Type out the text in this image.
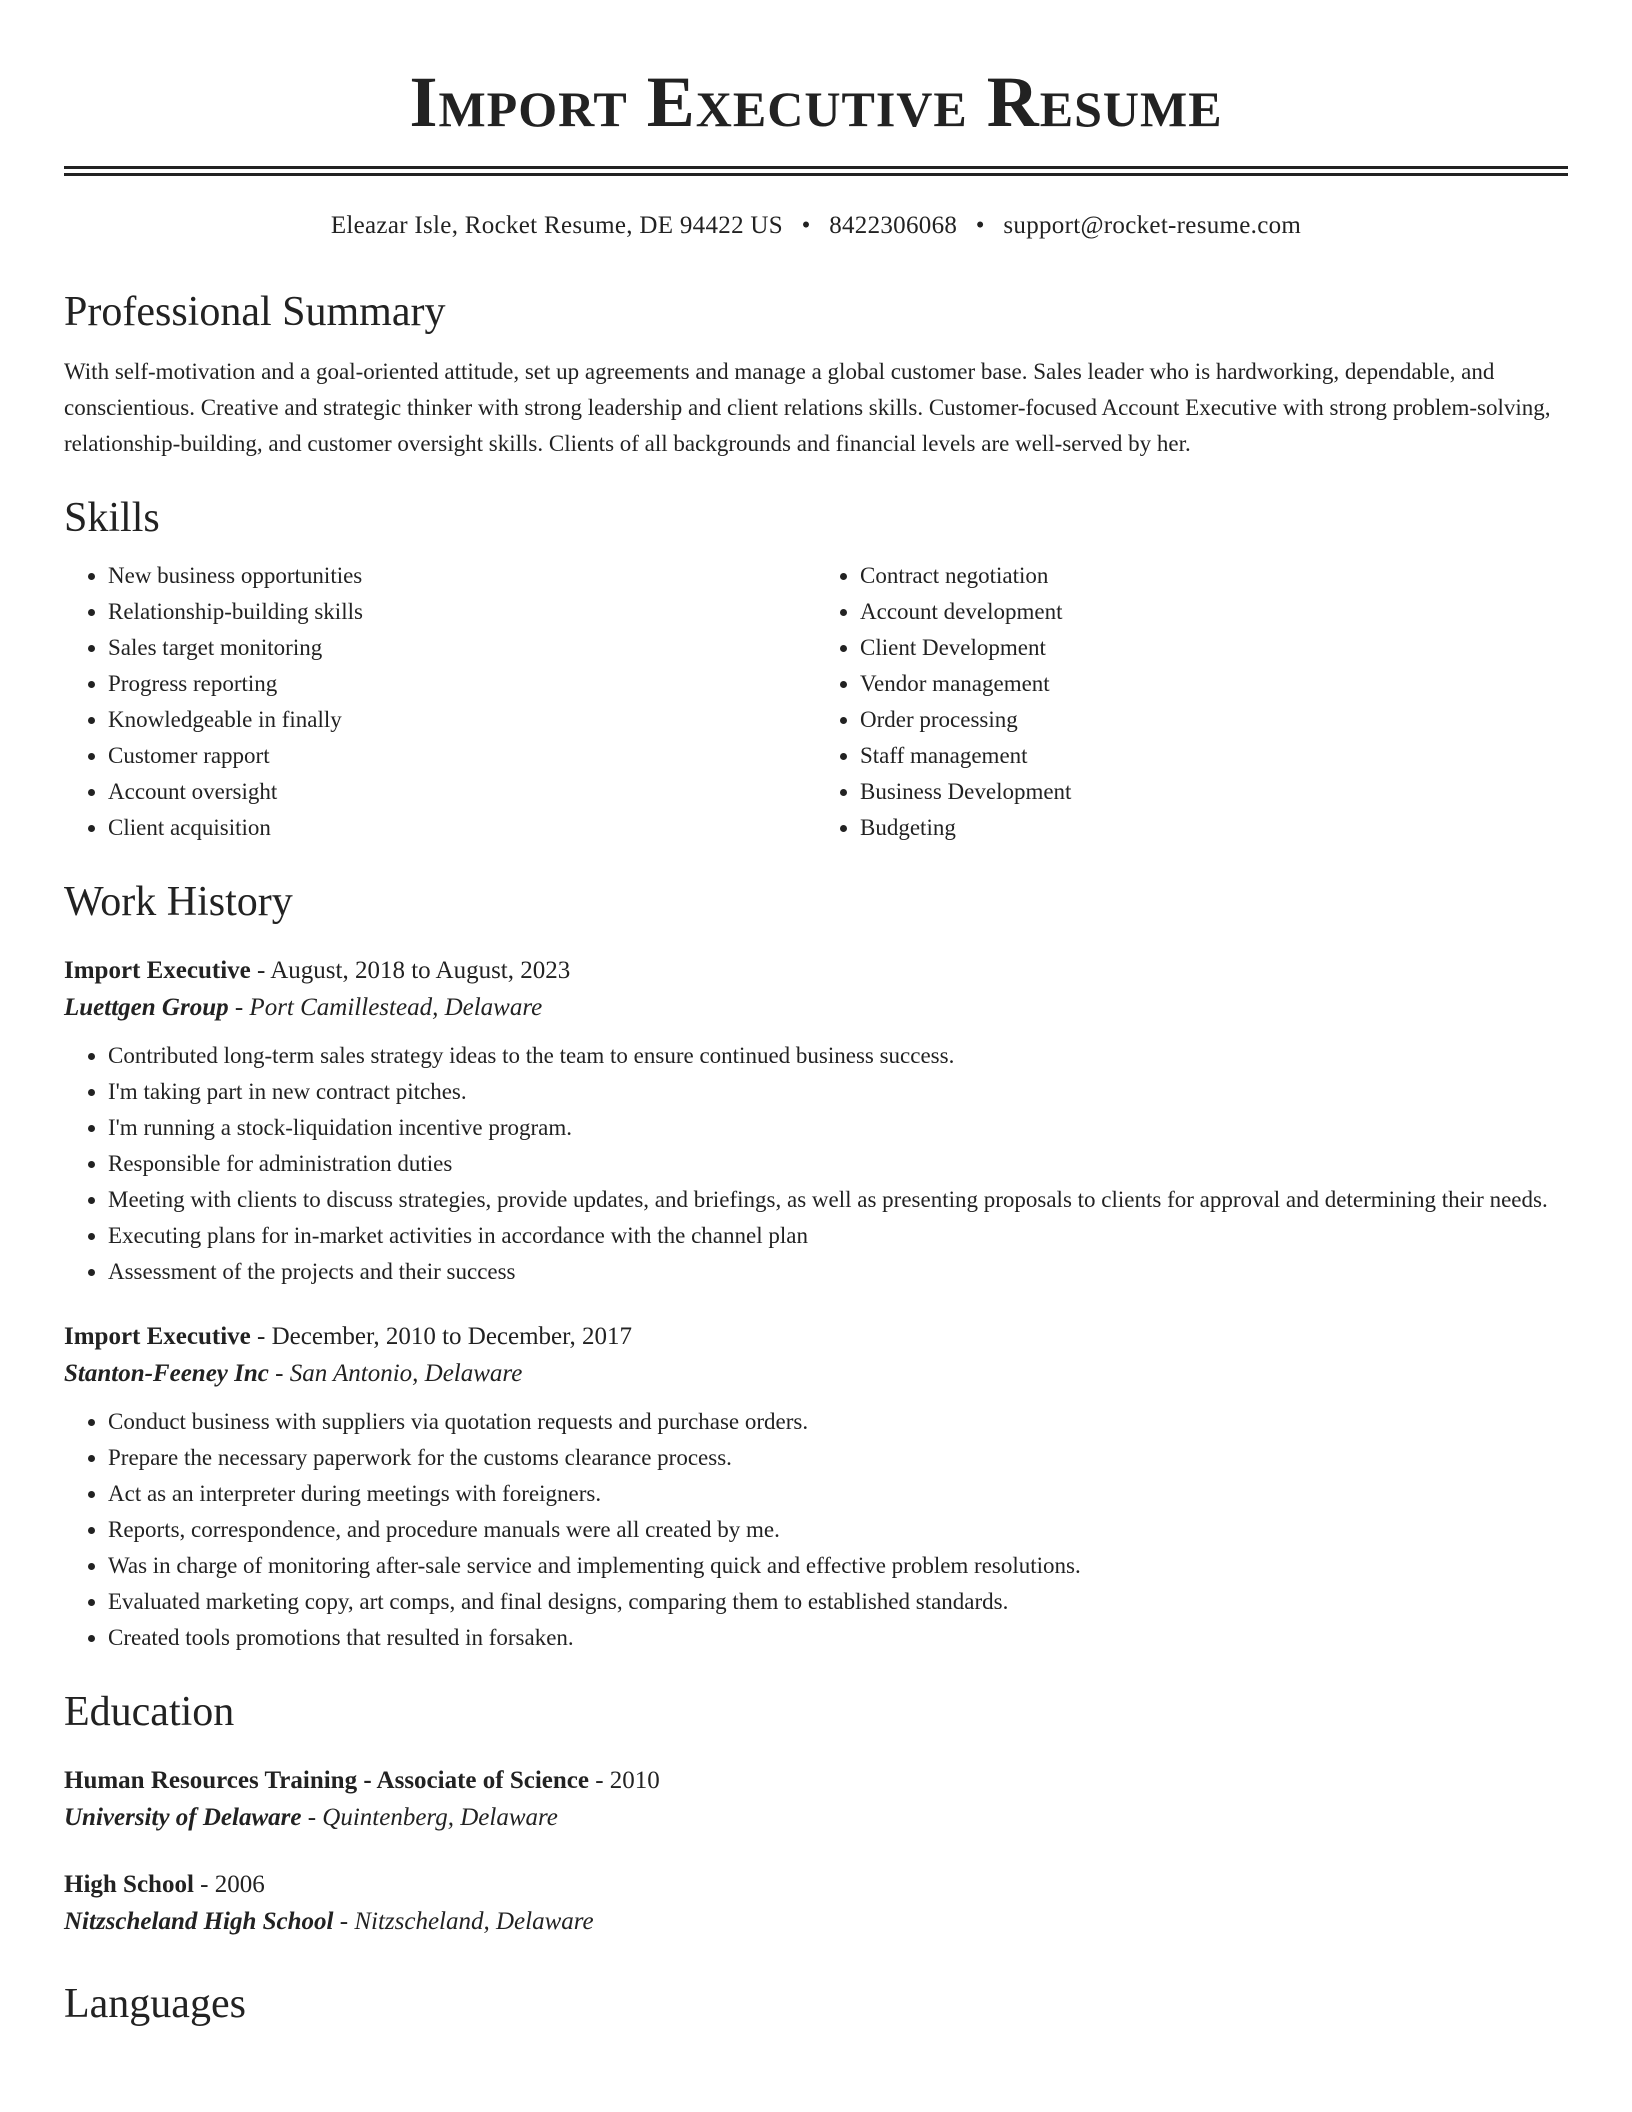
Import Executive Resume
Eleazar Isle, Rocket Resume, DE 94422 US • 8422306068 • support@rocket-resume.com
Professional Summary

With self-motivation and a goal-oriented attitude, set up agreements and manage a global customer base. Sales leader who is hardworking, dependable, and conscientious. Creative and strategic thinker with strong leadership and client relations skills. Customer-focused Account Executive with strong problem-solving, relationship-building, and customer oversight skills. Clients of all backgrounds and financial levels are well-served by her.

Skills
• New business opportunities
• Relationship-building skills
• Sales target monitoring
• Progress reporting
• Knowledgeable in finally
• Customer rapport
• Account oversight
• Client acquisition
• Contract negotiation
• Account development
• Client Development
• Vendor management
• Order processing
• Staff management
• Business Development
• Budgeting
Work History
Import Executive - August, 2018 to August, 2023
Luettgen Group - Port Camillestead, Delaware
• Contributed long-term sales strategy ideas to the team to ensure continued business success.
• I'm taking part in new contract pitches.
• I'm running a stock-liquidation incentive program.
• Responsible for administration duties
• Meeting with clients to discuss strategies, provide updates, and briefings, as well as presenting proposals to clients for approval and determining their needs.
• Executing plans for in-market activities in accordance with the channel plan
• Assessment of the projects and their success
Import Executive - December, 2010 to December, 2017
Stanton-Feeney Inc - San Antonio, Delaware
• Conduct business with suppliers via quotation requests and purchase orders.
• Prepare the necessary paperwork for the customs clearance process.
• Act as an interpreter during meetings with foreigners.
• Reports, correspondence, and procedure manuals were all created by me.
• Was in charge of monitoring after-sale service and implementing quick and effective problem resolutions.
• Evaluated marketing copy, art comps, and final designs, comparing them to established standards.
• Created tools promotions that resulted in forsaken.
Education
Human Resources Training - Associate of Science - 2010
University of Delaware - Quintenberg, Delaware
High School - 2006
Nitzscheland High School - Nitzscheland, Delaware
Languages
